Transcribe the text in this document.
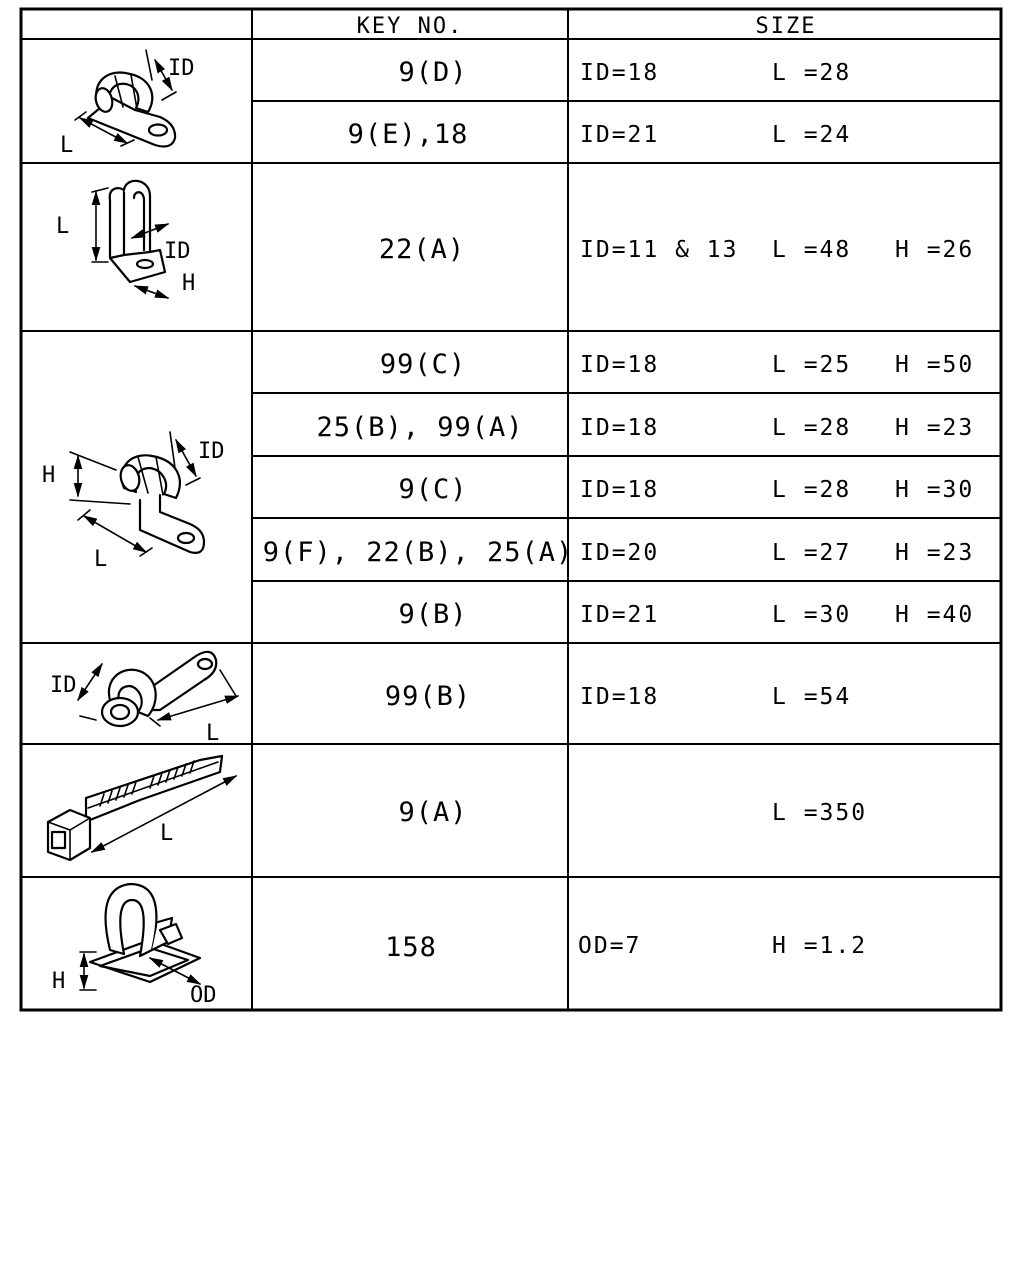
KEY NO.	SIZE
9(D)
9(E),18
22(A)
99(C)
25(B), 99(A)
9(C)
9(F), 22(B), 25(A)
9(B)
99(B)
9(A)
158
ID=18
ID=21
ID=11 & 13
ID=18
ID=18
ID=18
ID=20
ID=21
ID=18
OD=7
L =28
L =24
L =48
L =25
L =28
L =28
L =27
L =30
L =54
L =350
H =1.2
H =26
H =50
H =23
H =30
H =23
H =40
ID
L
L
ID
H
ID
H
L
ID
L
L
H
OD
